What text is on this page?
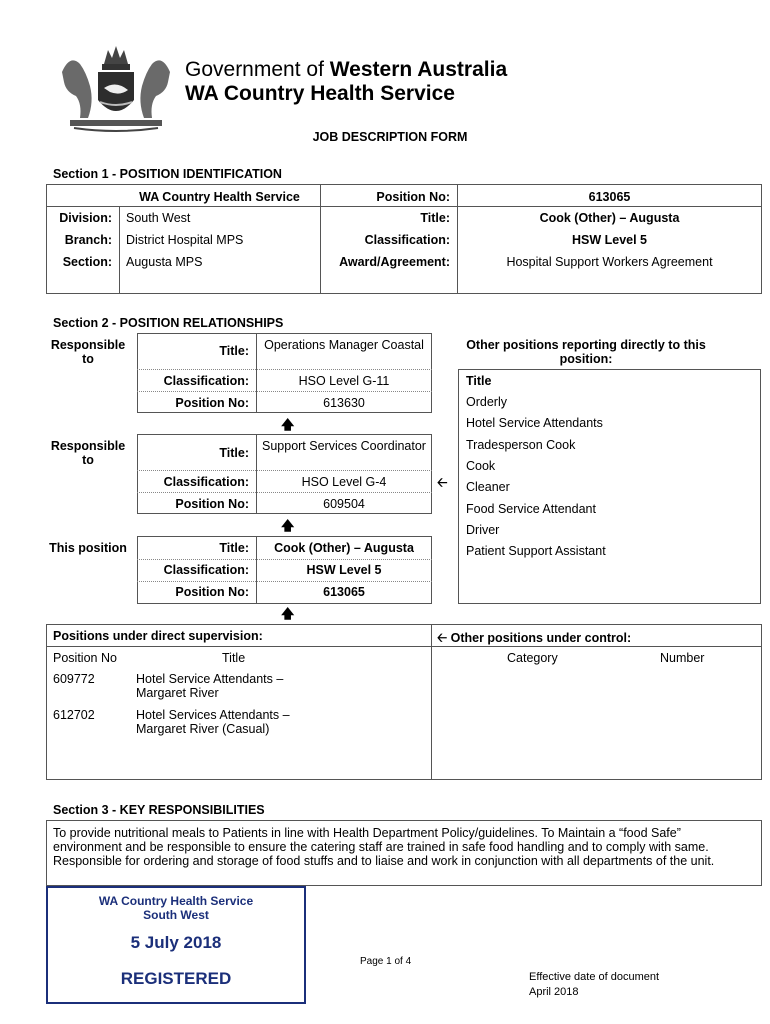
Government of Western Australia
WA Country Health Service
JOB DESCRIPTION FORM
Section 1 - POSITION IDENTIFICATION
WA Country Health Service	Position No:	613065
Division: South West	Title:	Cook (Other) – Augusta
Branch: District Hospital MPS	Classification:	HSW Level 5
Section: Augusta MPS	Award/Agreement:	Hospital Support Workers Agreement
Section 2 - POSITION RELATIONSHIPS
Responsible to
Responsible to
This position
Title: Operations Manager Coastal
Classification:	HSO Level G-11
Position No:	613630
🡅
Title: Support Services Coordinator
Classification:	HSO Level G-4
Position No:	609504
🡠
🡅
Title:	Cook (Other) – Augusta
Classification:	HSW Level 5
Position No:	613065
🡅
Other positions reporting directly to this position:
Title
Orderly
Hotel Service Attendants
Tradesperson Cook
Cook
Cleaner
Food Service Attendant
Driver
Patient Support Assistant
Positions under direct supervision:	🡠 Other positions under control:
Position No	Title	Category	Number
609772	Hotel Service Attendants – Margaret River
612702	Hotel Services Attendants – Margaret River (Casual)
Section 3 - KEY RESPONSIBILITIES
To provide nutritional meals to Patients in line with Health Department Policy/guidelines. To Maintain a “food Safe” environment and be responsible to ensure the catering staff are trained in safe food handling and to comply with same. Responsible for ordering and storage of food stuffs and to liaise and work in conjunction with all departments of the unit.
WA Country Health Service
South West
5 July 2018
REGISTERED
Page 1 of 4
Effective date of document
April 2018
